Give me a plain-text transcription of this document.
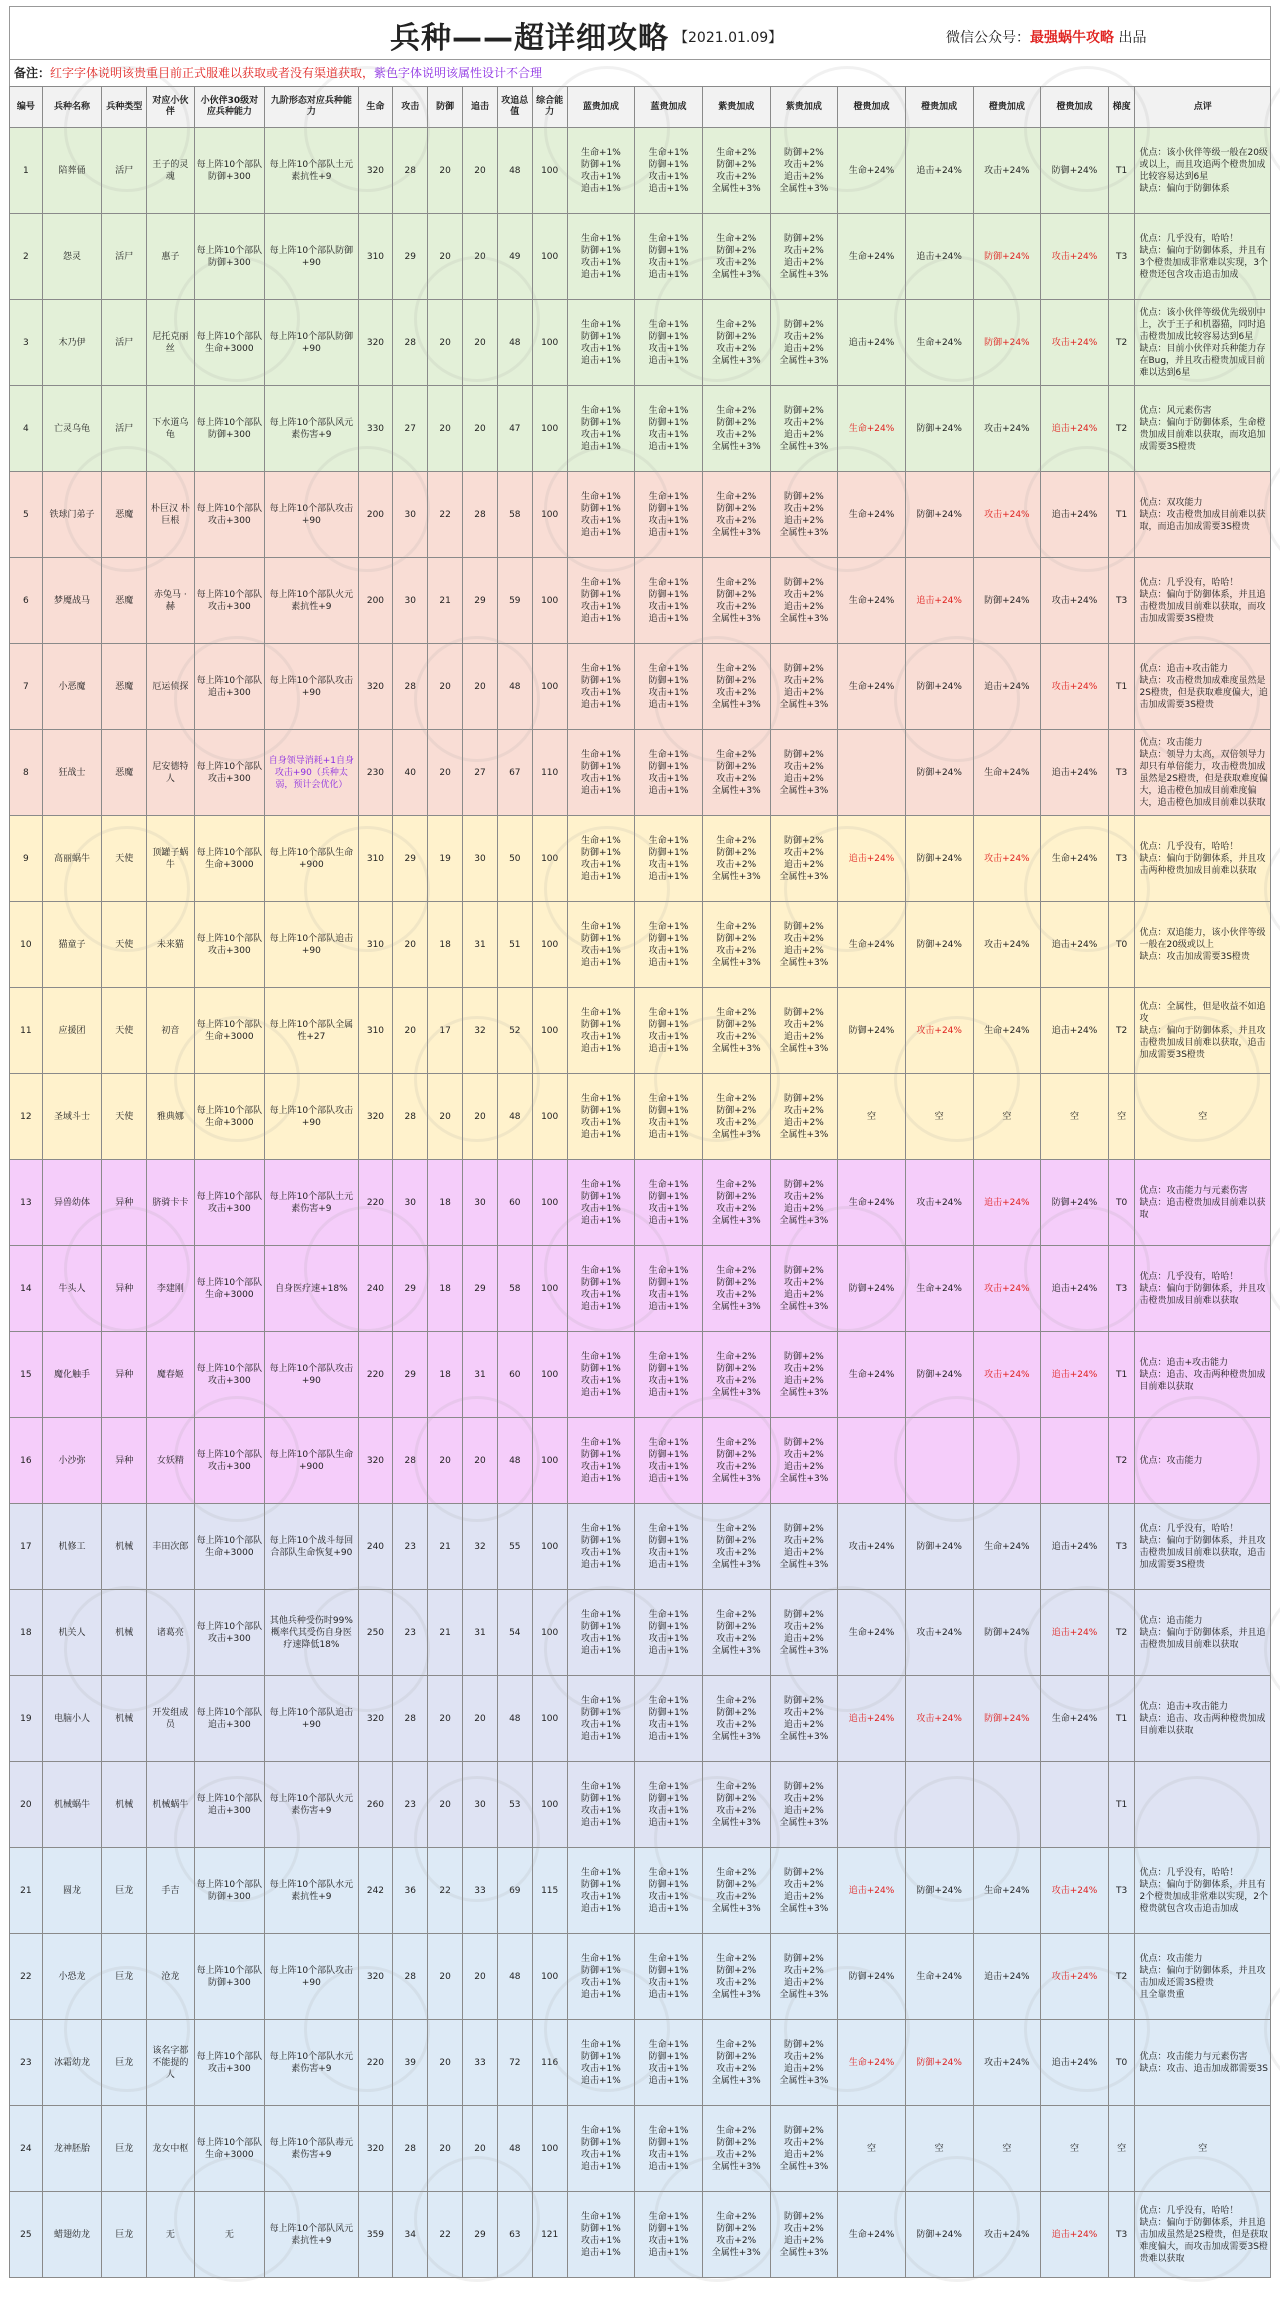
兵种——超详细攻略 【2021.01.09】	微信公众号：最强蜗牛攻略 出品
备注：红字字体说明该贵重目前正式服难以获取或者没有渠道获取，紫色字体说明该属性设计不合理
编号	兵种名称	兵种类型	对应小伙伴	小伙伴30级对应兵种能力	九阶形态对应兵种能力	生命	攻击	防御	追击	攻追总值	综合能力	蓝贵加成	蓝贵加成	紫贵加成	紫贵加成	橙贵加成	橙贵加成	橙贵加成	橙贵加成	梯度	点评
1	陪葬俑	活尸	王子的灵魂	每上阵10个部队防御+300	每上阵10个部队土元素抗性+9	320	28	20	20	48	100	生命+1%
防御+1%
攻击+1%
追击+1%	生命+1%
防御+1%
攻击+1%
追击+1%	生命+2%
防御+2%
攻击+2%
全属性+3%	防御+2%
攻击+2%
追击+2%
全属性+3%	生命+24%	追击+24%	攻击+24%	防御+24%	T1	优点：该小伙伴等级一般在20级或以上，而且攻追两个橙贵加成比较容易达到6星
缺点：偏向于防御体系

2	怨灵	活尸	惠子	每上阵10个部队防御+300	每上阵10个部队防御+90	310	29	20	20	49	100	生命+1%
防御+1%
攻击+1%
追击+1%	生命+1%
防御+1%
攻击+1%
追击+1%	生命+2%
防御+2%
攻击+2%
全属性+3%	防御+2%
攻击+2%
追击+2%
全属性+3%	生命+24%	追击+24%	防御+24%	攻击+24%	T3	优点：几乎没有，哈哈！
缺点：偏向于防御体系，并且有3个橙贵加成非常难以实现，3个橙贵还包含攻击追击加成

3	木乃伊	活尸	尼托克丽丝	每上阵10个部队生命+3000	每上阵10个部队防御+90	320	28	20	20	48	100	生命+1%
防御+1%
攻击+1%
追击+1%	生命+1%
防御+1%
攻击+1%
追击+1%	生命+2%
防御+2%
攻击+2%
全属性+3%	防御+2%
攻击+2%
追击+2%
全属性+3%	追击+24%	生命+24%	防御+24%	攻击+24%	T2	优点：该小伙伴等级优先级别中上，次于王子和机器猫，同时追击橙贵加成比较容易达到6星
缺点：目前小伙伴对兵种能力存在Bug，并且攻击橙贵加成目前难以达到6星

4	亡灵乌龟	活尸	下水道乌龟	每上阵10个部队防御+300	每上阵10个部队风元素伤害+9	330	27	20	20	47	100	生命+1%
防御+1%
攻击+1%
追击+1%	生命+1%
防御+1%
攻击+1%
追击+1%	生命+2%
防御+2%
攻击+2%
全属性+3%	防御+2%
攻击+2%
追击+2%
全属性+3%	生命+24%	防御+24%	攻击+24%	追击+24%	T2	优点：风元素伤害
缺点：偏向于防御体系，生命橙贵加成目前难以获取，而攻追加成需要3S橙贵

5	铁球门弟子	恶魔	朴巨汉 朴巨根	每上阵10个部队攻击+300	每上阵10个部队攻击+90	200	30	22	28	58	100	生命+1%
防御+1%
攻击+1%
追击+1%	生命+1%
防御+1%
攻击+1%
追击+1%	生命+2%
防御+2%
攻击+2%
全属性+3%	防御+2%
攻击+2%
追击+2%
全属性+3%	生命+24%	防御+24%	攻击+24%	追击+24%	T1	优点：双攻能力
缺点：攻击橙贵加成目前难以获取，而追击加成需要3S橙贵

6	梦魇战马	恶魔	赤兔马 · 赫	每上阵10个部队攻击+300	每上阵10个部队火元素抗性+9	200	30	21	29	59	100	生命+1%
防御+1%
攻击+1%
追击+1%	生命+1%
防御+1%
攻击+1%
追击+1%	生命+2%
防御+2%
攻击+2%
全属性+3%	防御+2%
攻击+2%
追击+2%
全属性+3%	生命+24%	追击+24%	防御+24%	攻击+24%	T3	优点：几乎没有，哈哈！
缺点：偏向于防御体系，并且追击橙贵加成目前难以获取，而攻击加成需要3S橙贵

7	小恶魔	恶魔	厄运侦探	每上阵10个部队追击+300	每上阵10个部队攻击+90	320	28	20	20	48	100	生命+1%
防御+1%
攻击+1%
追击+1%	生命+1%
防御+1%
攻击+1%
追击+1%	生命+2%
防御+2%
攻击+2%
全属性+3%	防御+2%
攻击+2%
追击+2%
全属性+3%	生命+24%	防御+24%	追击+24%	攻击+24%	T1	优点：追击+攻击能力
缺点：攻击橙贵加成难度虽然是2S橙贵，但是获取难度偏大，追击加成需要3S橙贵

8	狂战士	恶魔	尼安德特人	每上阵10个部队攻击+300	自身领导消耗+1自身攻击+90（兵种太弱，预计会优化）	230	40	20	27	67	110	生命+1%
防御+1%
攻击+1%
追击+1%	生命+1%
防御+1%
攻击+1%
追击+1%	生命+2%
防御+2%
攻击+2%
全属性+3%	防御+2%
攻击+2%
追击+2%
全属性+3%		防御+24%	生命+24%	追击+24%	T3	优点：攻击能力
缺点：领导力太高，双倍领导力却只有单倍能力，攻击橙贵加成虽然是2S橙贵，但是获取难度偏大，追击橙色加成目前难度偏大，追击橙色加成目前难以获取

9	高丽蜗牛	天使	顶罐子蜗牛	每上阵10个部队生命+3000	每上阵10个部队生命+900	310	29	19	30	50	100	生命+1%
防御+1%
攻击+1%
追击+1%	生命+1%
防御+1%
攻击+1%
追击+1%	生命+2%
防御+2%
攻击+2%
全属性+3%	防御+2%
攻击+2%
追击+2%
全属性+3%	追击+24%	防御+24%	攻击+24%	生命+24%	T3	优点：几乎没有，哈哈！
缺点：偏向于防御体系，并且攻击两种橙贵加成目前难以获取

10	猫童子	天使	未来猫	每上阵10个部队攻击+300	每上阵10个部队追击+90	310	20	18	31	51	100	生命+1%
防御+1%
攻击+1%
追击+1%	生命+1%
防御+1%
攻击+1%
追击+1%	生命+2%
防御+2%
攻击+2%
全属性+3%	防御+2%
攻击+2%
追击+2%
全属性+3%	生命+24%	防御+24%	攻击+24%	追击+24%	T0	优点：双追能力，该小伙伴等级一般在20级或以上
缺点：攻击加成需要3S橙贵

11	应援团	天使	初音	每上阵10个部队生命+3000	每上阵10个部队全属性+27	310	20	17	32	52	100	生命+1%
防御+1%
攻击+1%
追击+1%	生命+1%
防御+1%
攻击+1%
追击+1%	生命+2%
防御+2%
攻击+2%
全属性+3%	防御+2%
攻击+2%
追击+2%
全属性+3%	防御+24%	攻击+24%	生命+24%	追击+24%	T2	优点：全属性，但是收益不如追攻
缺点：偏向于防御体系，并且攻击橙贵加成目前难以获取，追击加成需要3S橙贵

12	圣域斗士	天使	雅典娜	每上阵10个部队生命+3000	每上阵10个部队攻击+90	320	28	20	20	48	100	生命+1%
防御+1%
攻击+1%
追击+1%	生命+1%
防御+1%
攻击+1%
追击+1%	生命+2%
防御+2%
攻击+2%
全属性+3%	防御+2%
攻击+2%
追击+2%
全属性+3%	空	空	空	空	空	空
13	异兽幼体	异种	脐骑卡卡	每上阵10个部队攻击+300	每上阵10个部队土元素伤害+9	220	30	18	30	60	100	生命+1%
防御+1%
攻击+1%
追击+1%	生命+1%
防御+1%
攻击+1%
追击+1%	生命+2%
防御+2%
攻击+2%
全属性+3%	防御+2%
攻击+2%
追击+2%
全属性+3%	生命+24%	攻击+24%	追击+24%	防御+24%	T0	优点：攻击能力与元素伤害
缺点：追击橙贵加成目前难以获取

14	牛头人	异种	李建刚	每上阵10个部队生命+3000	自身医疗速+18%	240	29	18	29	58	100	生命+1%
防御+1%
攻击+1%
追击+1%	生命+1%
防御+1%
攻击+1%
追击+1%	生命+2%
防御+2%
攻击+2%
全属性+3%	防御+2%
攻击+2%
追击+2%
全属性+3%	防御+24%	生命+24%	攻击+24%	追击+24%	T3	优点：几乎没有，哈哈！
缺点：偏向于防御体系，并且攻击橙贵加成目前难以获取

15	魔化触手	异种	魔春姬	每上阵10个部队攻击+300	每上阵10个部队攻击+90	220	29	18	31	60	100	生命+1%
防御+1%
攻击+1%
追击+1%	生命+1%
防御+1%
攻击+1%
追击+1%	生命+2%
防御+2%
攻击+2%
全属性+3%	防御+2%
攻击+2%
追击+2%
全属性+3%	生命+24%	防御+24%	攻击+24%	追击+24%	T1	优点：追击+攻击能力
缺点：追击、攻击两种橙贵加成目前难以获取

16	小沙弥	异种	女妖精	每上阵10个部队攻击+300	每上阵10个部队生命+900	320	28	20	20	48	100	生命+1%
防御+1%
攻击+1%
追击+1%	生命+1%
防御+1%
攻击+1%
追击+1%	生命+2%
防御+2%
攻击+2%
全属性+3%	防御+2%
攻击+2%
追击+2%
全属性+3%					T2	优点：攻击能力

17	机修工	机械	丰田次郎	每上阵10个部队生命+3000	每上阵10个战斗每回合部队生命恢复+90	240	23	21	32	55	100	生命+1%
防御+1%
攻击+1%
追击+1%	生命+1%
防御+1%
攻击+1%
追击+1%	生命+2%
防御+2%
攻击+2%
全属性+3%	防御+2%
攻击+2%
追击+2%
全属性+3%	攻击+24%	防御+24%	生命+24%	追击+24%	T3	优点：几乎没有，哈哈！
缺点：偏向于防御体系，并且攻击橙贵加成目前难以获取，追击加成需要3S橙贵

18	机关人	机械	诸葛亮	每上阵10个部队攻击+300	其他兵种受伤时99%概率代其受伤自身医疗速降低18%	250	23	21	31	54	100	生命+1%
防御+1%
攻击+1%
追击+1%	生命+1%
防御+1%
攻击+1%
追击+1%	生命+2%
防御+2%
攻击+2%
全属性+3%	防御+2%
攻击+2%
追击+2%
全属性+3%	生命+24%	攻击+24%	防御+24%	追击+24%	T2	优点：追击能力
缺点：偏向于防御体系，并且追击橙贵加成目前难以获取

19	电脑小人	机械	开发组成员	每上阵10个部队追击+300	每上阵10个部队追击+90	320	28	20	20	48	100	生命+1%
防御+1%
攻击+1%
追击+1%	生命+1%
防御+1%
攻击+1%
追击+1%	生命+2%
防御+2%
攻击+2%
全属性+3%	防御+2%
攻击+2%
追击+2%
全属性+3%	追击+24%	攻击+24%	防御+24%	生命+24%	T1	优点：追击+攻击能力
缺点：追击、攻击两种橙贵加成目前难以获取

20	机械蜗牛	机械	机械蜗牛	每上阵10个部队追击+300	每上阵10个部队火元素伤害+9	260	23	20	30	53	100	生命+1%
防御+1%
攻击+1%
追击+1%	生命+1%
防御+1%
攻击+1%
追击+1%	生命+2%
防御+2%
攻击+2%
全属性+3%	防御+2%
攻击+2%
追击+2%
全属性+3%					T1	
21	圆龙	巨龙	手吉	每上阵10个部队防御+300	每上阵10个部队水元素抗性+9	242	36	22	33	69	115	生命+1%
防御+1%
攻击+1%
追击+1%	生命+1%
防御+1%
攻击+1%
追击+1%	生命+2%
防御+2%
攻击+2%
全属性+3%	防御+2%
攻击+2%
追击+2%
全属性+3%	追击+24%	防御+24%	生命+24%	攻击+24%	T3	优点：几乎没有，哈哈！
缺点：偏向于防御体系，并且有2个橙贵加成非常难以实现，2个橙贵就包含攻击追击加成

22	小恐龙	巨龙	沧龙	每上阵10个部队防御+300	每上阵10个部队攻击+90	320	28	20	20	48	100	生命+1%
防御+1%
攻击+1%
追击+1%	生命+1%
防御+1%
攻击+1%
追击+1%	生命+2%
防御+2%
攻击+2%
全属性+3%	防御+2%
攻击+2%
追击+2%
全属性+3%	防御+24%	生命+24%	追击+24%	攻击+24%	T2	优点：攻击能力
缺点：偏向于防御体系，并且攻击加成还需3S橙贵
且全靠贵重

23	冰霜幼龙	巨龙	该名字都不能提的人	每上阵10个部队攻击+300	每上阵10个部队水元素伤害+9	220	39	20	33	72	116	生命+1%
防御+1%
攻击+1%
追击+1%	生命+1%
防御+1%
攻击+1%
追击+1%	生命+2%
防御+2%
攻击+2%
全属性+3%	防御+2%
攻击+2%
追击+2%
全属性+3%	生命+24%	防御+24%	攻击+24%	追击+24%	T0	优点：攻击能力与元素伤害
缺点：攻击、追击加成都需要3S

24	龙神胚胎	巨龙	龙女中枢	每上阵10个部队生命+3000	每上阵10个部队毒元素伤害+9	320	28	20	20	48	100	生命+1%
防御+1%
攻击+1%
追击+1%	生命+1%
防御+1%
攻击+1%
追击+1%	生命+2%
防御+2%
攻击+2%
全属性+3%	防御+2%
攻击+2%
追击+2%
全属性+3%	空	空	空	空	空	空
25	蜡翅幼龙	巨龙	无	无	每上阵10个部队风元素抗性+9	359	34	22	29	63	121	生命+1%
防御+1%
攻击+1%
追击+1%	生命+1%
防御+1%
攻击+1%
追击+1%	生命+2%
防御+2%
攻击+2%
全属性+3%	防御+2%
攻击+2%
追击+2%
全属性+3%	生命+24%	防御+24%	攻击+24%	追击+24%	T3	优点：几乎没有，哈哈！
缺点：偏向于防御体系，并且追击加成虽然是2S橙贵，但是获取难度偏大，而攻击加成需要3S橙贵难以获取
